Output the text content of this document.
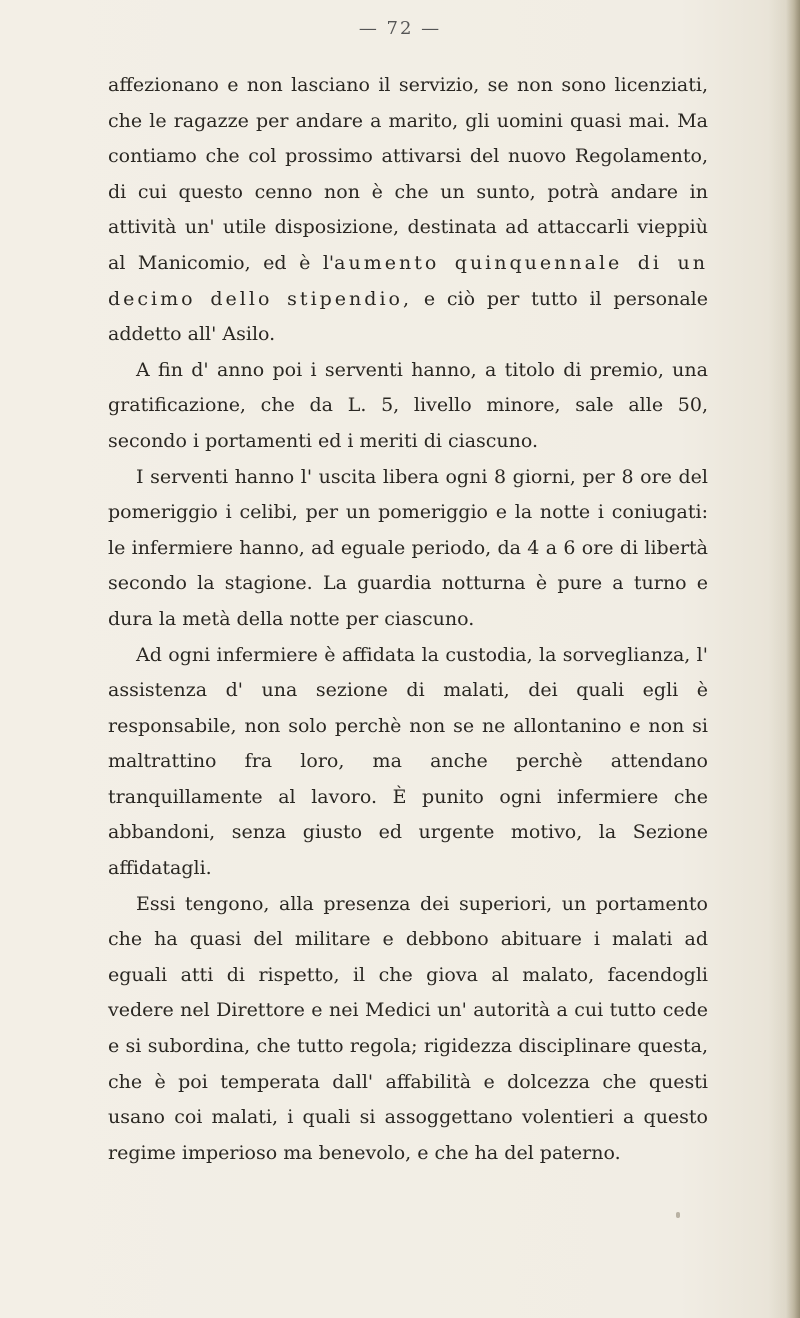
— 72 —

affezionano e non lasciano il servizio, se non sono licenziati, che le ragazze per andare a marito, gli uomini quasi mai. Ma contiamo che col prossimo attivarsi del nuovo Regolamento, di cui questo cenno non è che un sunto, potrà andare in attività un' utile disposizione, destinata ad attaccarli vieppiù al Manicomio, ed è l'aumento quinquennale di un decimo dello stipendio, e ciò per tutto il personale addetto all' Asilo.

A fin d' anno poi i serventi hanno, a titolo di premio, una gratificazione, che da L. 5, livello minore, sale alle 50, secondo i portamenti ed i meriti di ciascuno.

I serventi hanno l' uscita libera ogni 8 giorni, per 8 ore del pomeriggio i celibi, per un pomeriggio e la notte i coniugati: le infermiere hanno, ad eguale periodo, da 4 a 6 ore di libertà secondo la stagione. La guardia notturna è pure a turno e dura la metà della notte per ciascuno.

Ad ogni infermiere è affidata la custodia, la sorveglianza, l' assistenza d' una sezione di malati, dei quali egli è responsabile, non solo perchè non se ne allontanino e non si maltrattino fra loro, ma anche perchè attendano tranquillamente al lavoro. È punito ogni infermiere che abbandoni, senza giusto ed urgente motivo, la Sezione affidatagli.

Essi tengono, alla presenza dei superiori, un portamento che ha quasi del militare e debbono abituare i malati ad eguali atti di rispetto, il che giova al malato, facendogli vedere nel Direttore e nei Medici un' autorità a cui tutto cede e si subordina, che tutto regola; rigidezza disciplinare questa, che è poi temperata dall' affabilità e dolcezza che questi usano coi malati, i quali si assoggettano volentieri a questo regime imperioso ma benevolo, e che ha del paterno.
